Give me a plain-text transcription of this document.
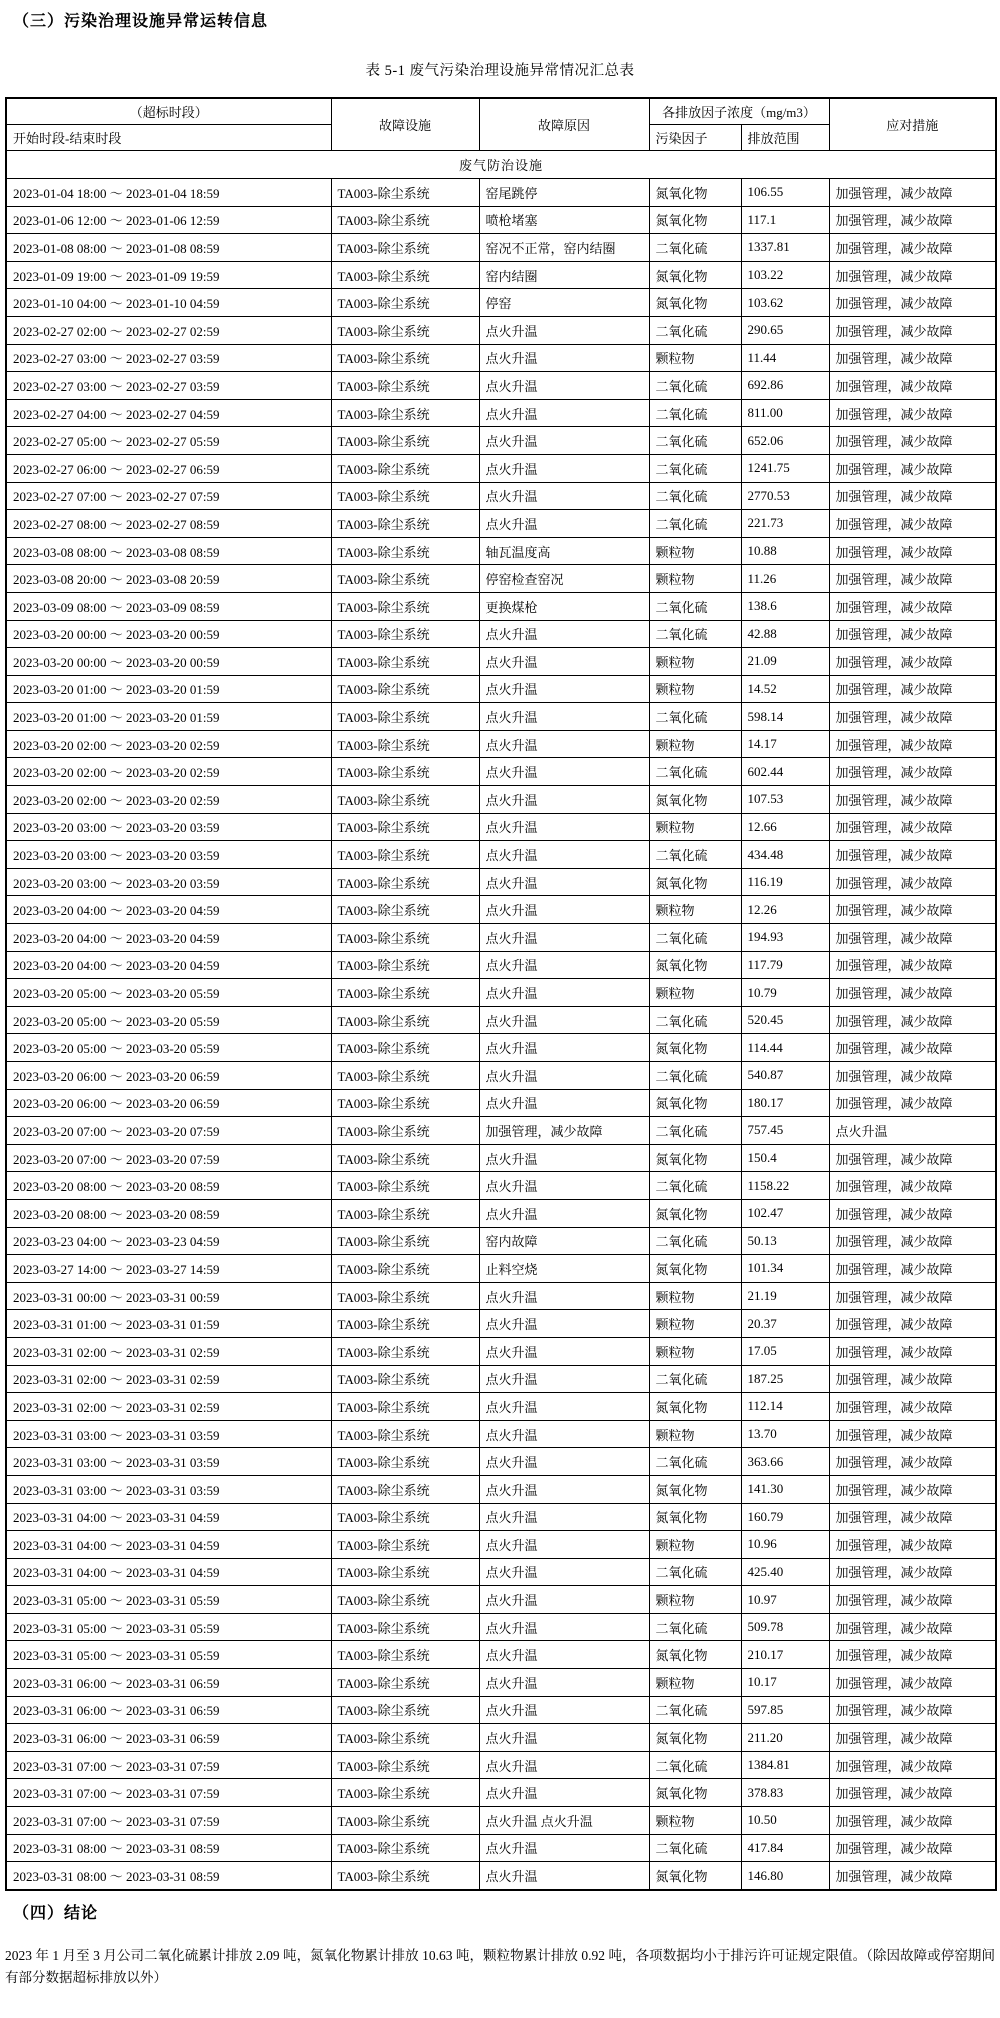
（三）污染治理设施异常运转信息
表 5-1 废气污染治理设施异常情况汇总表
（超标时段）	故障设施	故障原因	各排放因子浓度（mg/m3）		应对措施
开始时段-结束时段			污染因子	排放范围	
废气防治设施					
2023-01-04 18:00 ～ 2023-01-04 18:59	TA003-除尘系统	窑尾跳停	氮氧化物	106.55	加强管理，减少故障
2023-01-06 12:00 ～ 2023-01-06 12:59	TA003-除尘系统	喷枪堵塞	氮氧化物	117.1	加强管理，减少故障
2023-01-08 08:00 ～ 2023-01-08 08:59	TA003-除尘系统	窑况不正常，窑内结圈	二氧化硫	1337.81	加强管理，减少故障
2023-01-09 19:00 ～ 2023-01-09 19:59	TA003-除尘系统	窑内结圈	氮氧化物	103.22	加强管理，减少故障
2023-01-10 04:00 ～ 2023-01-10 04:59	TA003-除尘系统	停窑	氮氧化物	103.62	加强管理，减少故障
2023-02-27 02:00 ～ 2023-02-27 02:59	TA003-除尘系统	点火升温	二氧化硫	290.65	加强管理，减少故障
2023-02-27 03:00 ～ 2023-02-27 03:59	TA003-除尘系统	点火升温	颗粒物	11.44	加强管理，减少故障
2023-02-27 03:00 ～ 2023-02-27 03:59	TA003-除尘系统	点火升温	二氧化硫	692.86	加强管理，减少故障
2023-02-27 04:00 ～ 2023-02-27 04:59	TA003-除尘系统	点火升温	二氧化硫	811.00	加强管理，减少故障
2023-02-27 05:00 ～ 2023-02-27 05:59	TA003-除尘系统	点火升温	二氧化硫	652.06	加强管理，减少故障
2023-02-27 06:00 ～ 2023-02-27 06:59	TA003-除尘系统	点火升温	二氧化硫	1241.75	加强管理，减少故障
2023-02-27 07:00 ～ 2023-02-27 07:59	TA003-除尘系统	点火升温	二氧化硫	2770.53	加强管理，减少故障
2023-02-27 08:00 ～ 2023-02-27 08:59	TA003-除尘系统	点火升温	二氧化硫	221.73	加强管理，减少故障
2023-03-08 08:00 ～ 2023-03-08 08:59	TA003-除尘系统	轴瓦温度高	颗粒物	10.88	加强管理，减少故障
2023-03-08 20:00 ～ 2023-03-08 20:59	TA003-除尘系统	停窑检查窑况	颗粒物	11.26	加强管理，减少故障
2023-03-09 08:00 ～ 2023-03-09 08:59	TA003-除尘系统	更换煤枪	二氧化硫	138.6	加强管理，减少故障
2023-03-20 00:00 ～ 2023-03-20 00:59	TA003-除尘系统	点火升温	二氧化硫	42.88	加强管理，减少故障
2023-03-20 00:00 ～ 2023-03-20 00:59	TA003-除尘系统	点火升温	颗粒物	21.09	加强管理，减少故障
2023-03-20 01:00 ～ 2023-03-20 01:59	TA003-除尘系统	点火升温	颗粒物	14.52	加强管理，减少故障
2023-03-20 01:00 ～ 2023-03-20 01:59	TA003-除尘系统	点火升温	二氧化硫	598.14	加强管理，减少故障
2023-03-20 02:00 ～ 2023-03-20 02:59	TA003-除尘系统	点火升温	颗粒物	14.17	加强管理，减少故障
2023-03-20 02:00 ～ 2023-03-20 02:59	TA003-除尘系统	点火升温	二氧化硫	602.44	加强管理，减少故障
2023-03-20 02:00 ～ 2023-03-20 02:59	TA003-除尘系统	点火升温	氮氧化物	107.53	加强管理，减少故障
2023-03-20 03:00 ～ 2023-03-20 03:59	TA003-除尘系统	点火升温	颗粒物	12.66	加强管理，减少故障
2023-03-20 03:00 ～ 2023-03-20 03:59	TA003-除尘系统	点火升温	二氧化硫	434.48	加强管理，减少故障
2023-03-20 03:00 ～ 2023-03-20 03:59	TA003-除尘系统	点火升温	氮氧化物	116.19	加强管理，减少故障
2023-03-20 04:00 ～ 2023-03-20 04:59	TA003-除尘系统	点火升温	颗粒物	12.26	加强管理，减少故障
2023-03-20 04:00 ～ 2023-03-20 04:59	TA003-除尘系统	点火升温	二氧化硫	194.93	加强管理，减少故障
2023-03-20 04:00 ～ 2023-03-20 04:59	TA003-除尘系统	点火升温	氮氧化物	117.79	加强管理，减少故障
2023-03-20 05:00 ～ 2023-03-20 05:59	TA003-除尘系统	点火升温	颗粒物	10.79	加强管理，减少故障
2023-03-20 05:00 ～ 2023-03-20 05:59	TA003-除尘系统	点火升温	二氧化硫	520.45	加强管理，减少故障
2023-03-20 05:00 ～ 2023-03-20 05:59	TA003-除尘系统	点火升温	氮氧化物	114.44	加强管理，减少故障
2023-03-20 06:00 ～ 2023-03-20 06:59	TA003-除尘系统	点火升温	二氧化硫	540.87	加强管理，减少故障
2023-03-20 06:00 ～ 2023-03-20 06:59	TA003-除尘系统	点火升温	氮氧化物	180.17	加强管理，减少故障
2023-03-20 07:00 ～ 2023-03-20 07:59	TA003-除尘系统	加强管理，减少故障	二氧化硫	757.45	点火升温
2023-03-20 07:00 ～ 2023-03-20 07:59	TA003-除尘系统	点火升温	氮氧化物	150.4	加强管理，减少故障
2023-03-20 08:00 ～ 2023-03-20 08:59	TA003-除尘系统	点火升温	二氧化硫	1158.22	加强管理，减少故障
2023-03-20 08:00 ～ 2023-03-20 08:59	TA003-除尘系统	点火升温	氮氧化物	102.47	加强管理，减少故障
2023-03-23 04:00 ～ 2023-03-23 04:59	TA003-除尘系统	窑内故障	二氧化硫	50.13	加强管理，减少故障
2023-03-27 14:00 ～ 2023-03-27 14:59	TA003-除尘系统	止料空烧	氮氧化物	101.34	加强管理，减少故障
2023-03-31 00:00 ～ 2023-03-31 00:59	TA003-除尘系统	点火升温	颗粒物	21.19	加强管理，减少故障
2023-03-31 01:00 ～ 2023-03-31 01:59	TA003-除尘系统	点火升温	颗粒物	20.37	加强管理，减少故障
2023-03-31 02:00 ～ 2023-03-31 02:59	TA003-除尘系统	点火升温	颗粒物	17.05	加强管理，减少故障
2023-03-31 02:00 ～ 2023-03-31 02:59	TA003-除尘系统	点火升温	二氧化硫	187.25	加强管理，减少故障
2023-03-31 02:00 ～ 2023-03-31 02:59	TA003-除尘系统	点火升温	氮氧化物	112.14	加强管理，减少故障
2023-03-31 03:00 ～ 2023-03-31 03:59	TA003-除尘系统	点火升温	颗粒物	13.70	加强管理，减少故障
2023-03-31 03:00 ～ 2023-03-31 03:59	TA003-除尘系统	点火升温	二氧化硫	363.66	加强管理，减少故障
2023-03-31 03:00 ～ 2023-03-31 03:59	TA003-除尘系统	点火升温	氮氧化物	141.30	加强管理，减少故障
2023-03-31 04:00 ～ 2023-03-31 04:59	TA003-除尘系统	点火升温	氮氧化物	160.79	加强管理，减少故障
2023-03-31 04:00 ～ 2023-03-31 04:59	TA003-除尘系统	点火升温	颗粒物	10.96	加强管理，减少故障
2023-03-31 04:00 ～ 2023-03-31 04:59	TA003-除尘系统	点火升温	二氧化硫	425.40	加强管理，减少故障
2023-03-31 05:00 ～ 2023-03-31 05:59	TA003-除尘系统	点火升温	颗粒物	10.97	加强管理，减少故障
2023-03-31 05:00 ～ 2023-03-31 05:59	TA003-除尘系统	点火升温	二氧化硫	509.78	加强管理，减少故障
2023-03-31 05:00 ～ 2023-03-31 05:59	TA003-除尘系统	点火升温	氮氧化物	210.17	加强管理，减少故障
2023-03-31 06:00 ～ 2023-03-31 06:59	TA003-除尘系统	点火升温	颗粒物	10.17	加强管理，减少故障
2023-03-31 06:00 ～ 2023-03-31 06:59	TA003-除尘系统	点火升温	二氧化硫	597.85	加强管理，减少故障
2023-03-31 06:00 ～ 2023-03-31 06:59	TA003-除尘系统	点火升温	氮氧化物	211.20	加强管理，减少故障
2023-03-31 07:00 ～ 2023-03-31 07:59	TA003-除尘系统	点火升温	二氧化硫	1384.81	加强管理，减少故障
2023-03-31 07:00 ～ 2023-03-31 07:59	TA003-除尘系统	点火升温	氮氧化物	378.83	加强管理，减少故障
2023-03-31 07:00 ～ 2023-03-31 07:59	TA003-除尘系统	点火升温 点火升温	颗粒物	10.50	加强管理，减少故障
2023-03-31 08:00 ～ 2023-03-31 08:59	TA003-除尘系统	点火升温	二氧化硫	417.84	加强管理，减少故障
2023-03-31 08:00 ～ 2023-03-31 08:59	TA003-除尘系统	点火升温	氮氧化物	146.80	加强管理，减少故障
（四）结论

2023 年 1 月至 3 月公司二氧化硫累计排放 2.09 吨，氮氧化物累计排放 10.63 吨，颗粒物累计排放 0.92 吨，各项数据均小于排污许可证规定限值。（除因故障或停窑期间有部分数据超标排放以外）
